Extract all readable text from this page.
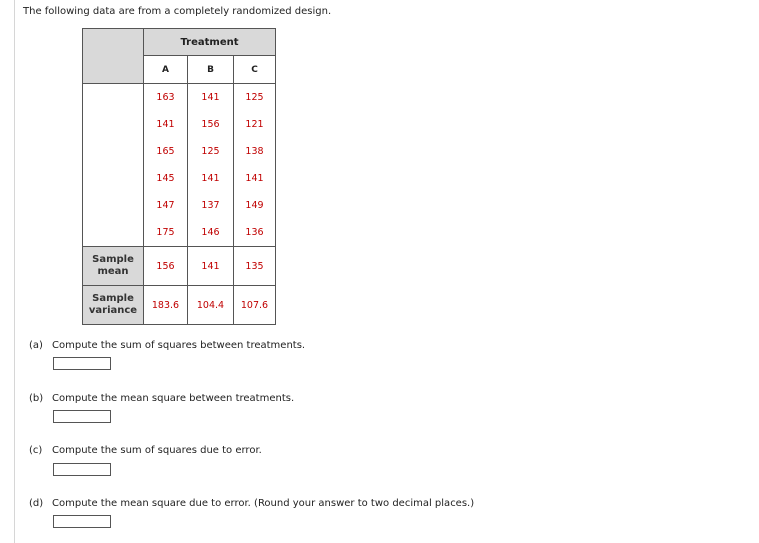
The following data are from a completely randomized design.
	Treatment		
	A	B	C
	163	141	125
	141	156	121
	165	125	138
	145	141	141
	147	137	149
	175	146	136
Sample
mean	156	141	135
Sample
variance	183.6	104.4	107.6
(a) Compute the sum of squares between treatments.
(b) Compute the mean square between treatments.
(c) Compute the sum of squares due to error.
(d) Compute the mean square due to error. (Round your answer to two decimal places.)
